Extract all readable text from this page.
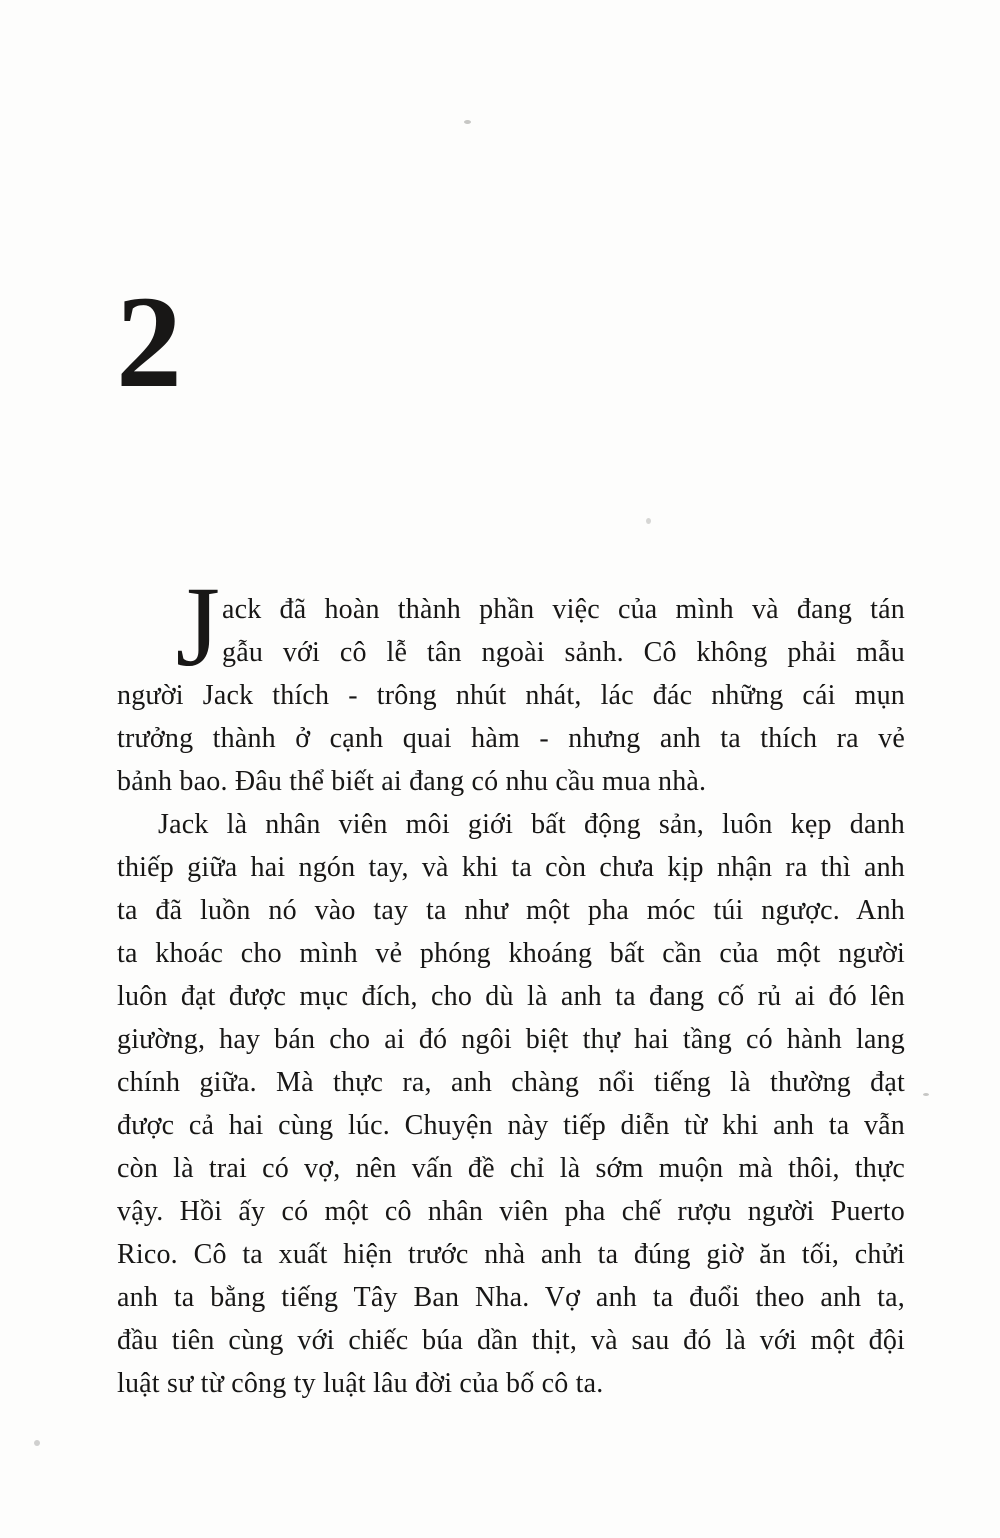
2
J ack đã hoàn thành phần việc của mình và đang tán
gẫu với cô lễ tân ngoài sảnh. Cô không phải mẫu
người Jack thích - trông nhút nhát, lác đác những cái mụn
trưởng thành ở cạnh quai hàm - nhưng anh ta thích ra vẻ
bảnh bao. Đâu thể biết ai đang có nhu cầu mua nhà.
Jack là nhân viên môi giới bất động sản, luôn kẹp danh
thiếp giữa hai ngón tay, và khi ta còn chưa kịp nhận ra thì anh
ta đã luồn nó vào tay ta như một pha móc túi ngược. Anh
ta khoác cho mình vẻ phóng khoáng bất cần của một người
luôn đạt được mục đích, cho dù là anh ta đang cố rủ ai đó lên
giường, hay bán cho ai đó ngôi biệt thự hai tầng có hành lang
chính giữa. Mà thực ra, anh chàng nổi tiếng là thường đạt
được cả hai cùng lúc. Chuyện này tiếp diễn từ khi anh ta vẫn
còn là trai có vợ, nên vấn đề chỉ là sớm muộn mà thôi, thực
vậy. Hồi ấy có một cô nhân viên pha chế rượu người Puerto
Rico. Cô ta xuất hiện trước nhà anh ta đúng giờ ăn tối, chửi
anh ta bằng tiếng Tây Ban Nha. Vợ anh ta đuổi theo anh ta,
đầu tiên cùng với chiếc búa dần thịt, và sau đó là với một đội
luật sư từ công ty luật lâu đời của bố cô ta.
